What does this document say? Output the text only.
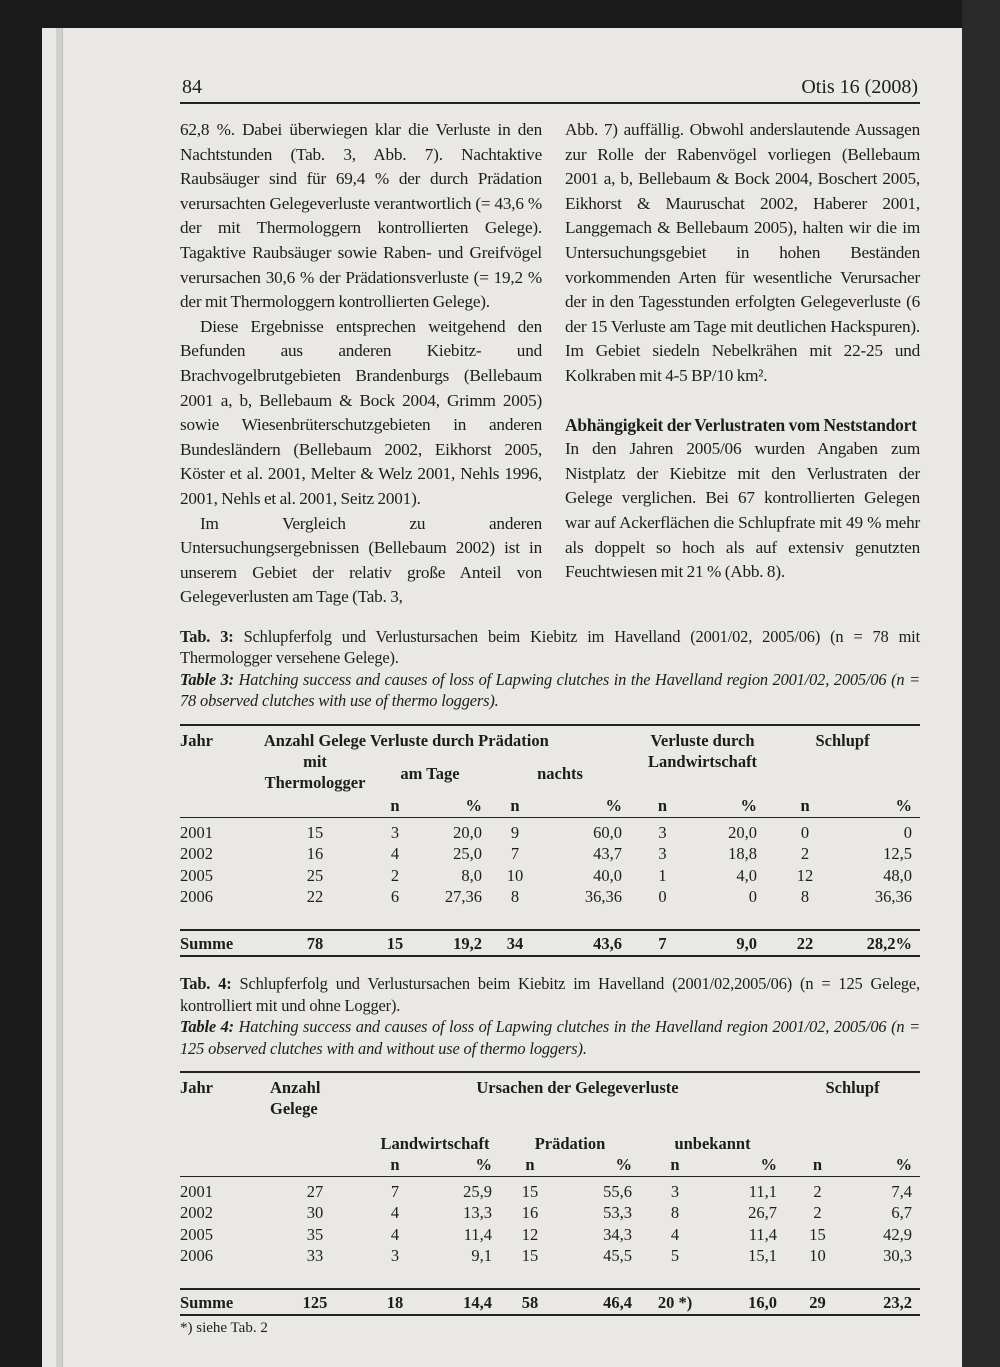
84	Otis 16 (2008)

62,8 %. Dabei überwiegen klar die Verluste in den Nachtstunden (Tab. 3, Abb. 7). Nachtaktive Raubsäuger sind für 69,4 % der durch Prädation verursachten Gelegeverluste verantwortlich (= 43,6 % der mit Thermologgern kontrollierten Gelege). Tagaktive Raubsäuger sowie Raben- und Greifvögel verursachen 30,6 % der Prädationsverluste (= 19,2 % der mit Thermologgern kontrollierten Gelege).

Diese Ergebnisse entsprechen weitgehend den Befunden aus anderen Kiebitz- und Brachvogelbrutgebieten Brandenburgs (Bellebaum 2001 a, b, Bellebaum & Bock 2004, Grimm 2005) sowie Wiesenbrüterschutzgebieten in anderen Bundesländern (Bellebaum 2002, Eikhorst 2005, Köster et al. 2001, Melter & Welz 2001, Nehls 1996, 2001, Nehls et al. 2001, Seitz 2001).

Im Vergleich zu anderen Untersuchungsergebnissen (Bellebaum 2002) ist in unserem Gebiet der relativ große Anteil von Gelegeverlusten am Tage (Tab. 3,

Abb. 7) auffällig. Obwohl anderslautende Aussagen zur Rolle der Rabenvögel vorliegen (Bellebaum 2001 a, b, Bellebaum & Bock 2004, Boschert 2005, Eikhorst & Mauruschat 2002, Haberer 2001, Langgemach & Bellebaum 2005), halten wir die im Untersuchungsgebiet in hohen Beständen vorkommenden Arten für wesentliche Verursacher der in den Tagesstunden erfolgten Gelegeverluste (6 der 15 Verluste am Tage mit deutlichen Hackspuren). Im Gebiet siedeln Nebelkrähen mit 22-25 und Kolkraben mit 4-5 BP/10 km².

Abhängigkeit der Verlustraten vom Neststandort

In den Jahren 2005/06 wurden Angaben zum Nistplatz der Kiebitze mit den Verlustraten der Gelege verglichen. Bei 67 kontrollierten Gelegen war auf Ackerflächen die Schlupfrate mit 49 % mehr als doppelt so hoch als auf extensiv genutzten Feuchtwiesen mit 21 % (Abb. 8).

Tab. 3: Schlupferfolg und Verlustursachen beim Kiebitz im Havelland (2001/02, 2005/06) (n = 78 mit Thermologger versehene Gelege).
Table 3: Hatching success and causes of loss of Lapwing clutches in the Havelland region 2001/02, 2005/06 (n = 78 observed clutches with use of thermo loggers).
Jahr	Anzahl Gelege mit Thermologger	Verluste durch Prädation				Verluste durch Landwirtschaft		Schlupf	
		am Tage		nachts					
		n	%	n	%	n	%	n	%
2001	15	3	20,0	9	60,0	3	20,0	0	0
2002	16	4	25,0	7	43,7	3	18,8	2	12,5
2005	25	2	8,0	10	40,0	1	4,0	12	48,0
2006	22	6	27,36	8	36,36	0	0	8	36,36

Summe	78	15	19,2	34	43,6	7	9,0	22	28,2%
Tab. 4: Schlupferfolg und Verlustursachen beim Kiebitz im Havelland (2001/02,2005/06) (n = 125 Gelege, kontrolliert mit und ohne Logger).
Table 4: Hatching success and causes of loss of Lapwing clutches in the Havelland region 2001/02, 2005/06 (n = 125 observed clutches with and without use of thermo loggers).
Jahr	Anzahl Gelege	Ursachen der Gelegeverluste						Schlupf	

		Landwirtschaft		Prädation		unbekannt			
		n	%	n	%	n	%	n	%
2001	27	7	25,9	15	55,6	3	11,1	2	7,4
2002	30	4	13,3	16	53,3	8	26,7	2	6,7
2005	35	4	11,4	12	34,3	4	11,4	15	42,9
2006	33	3	9,1	15	45,5	5	15,1	10	30,3

Summe	125	18	14,4	58	46,4	20 *)	16,0	29	23,2
*) siehe Tab. 2
